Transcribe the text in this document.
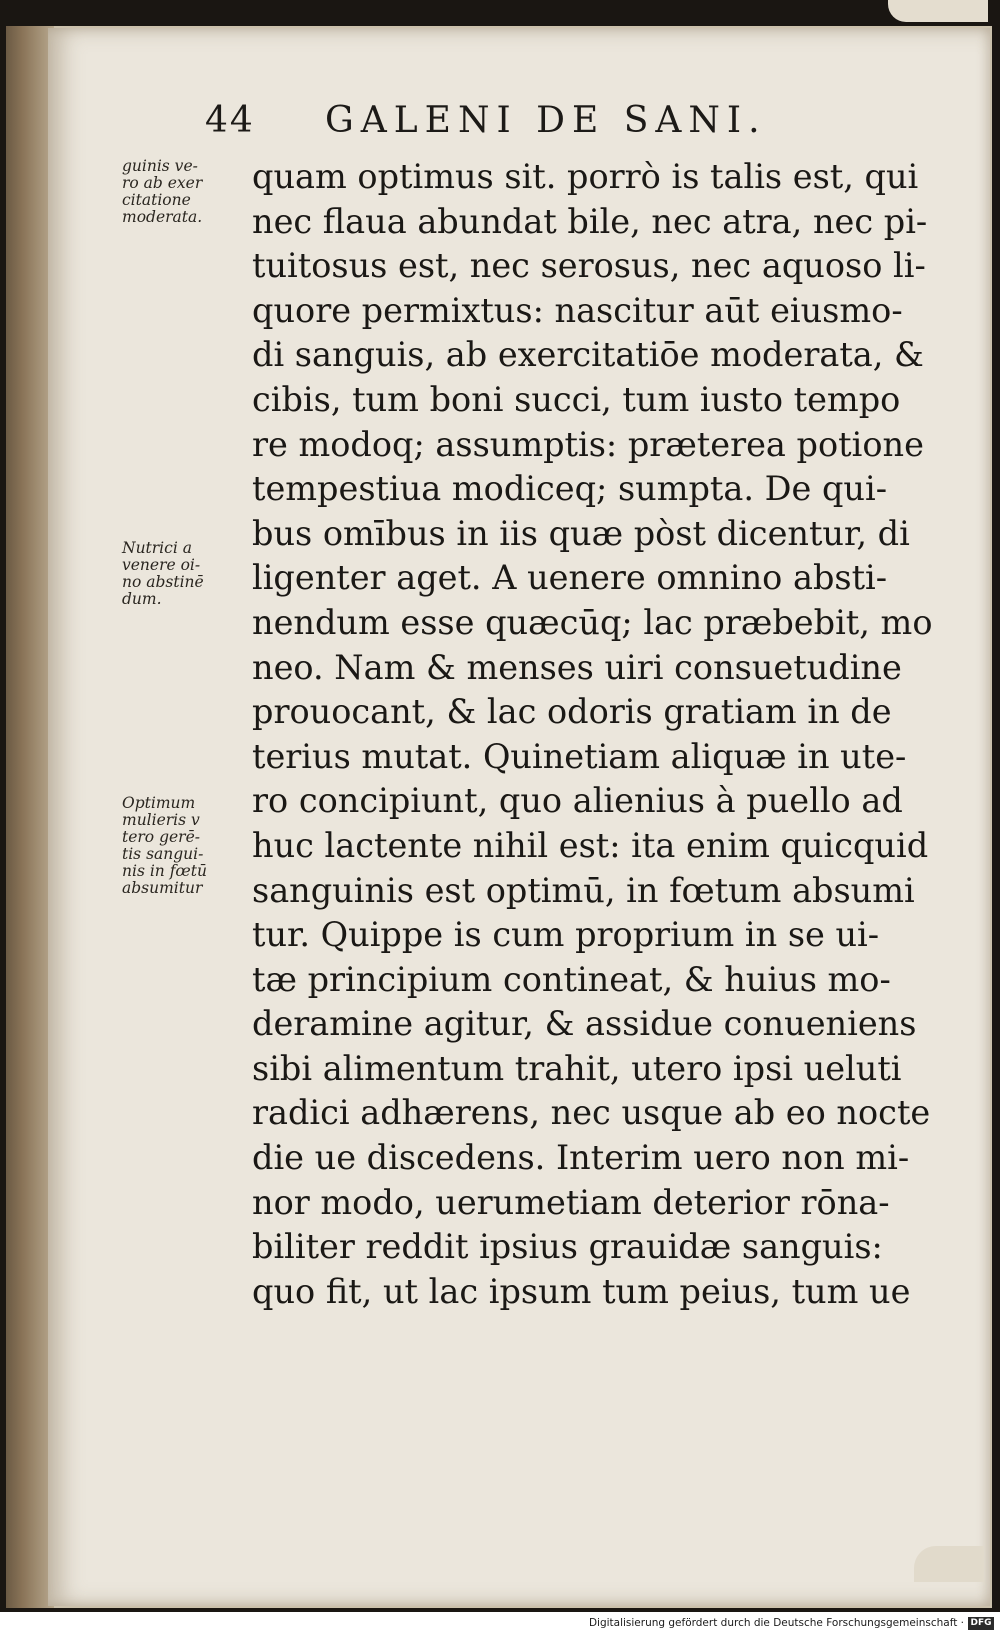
44 GALENI DE SANI.
guinis ve-
ro ab exer
citatione
moderata.
Nutrici a
venere oi-
no abstinē
dum.
Optimum
mulieris v
tero gerē-
tis sangui-
nis in fœtū
absumitur
quam optimus sit. porrò is talis est, qui
nec flaua abundat bile, nec atra, nec pi-
tuitosus est, nec serosus, nec aquoso li-
quore permixtus: nascitur aūt eiusmo-
di sanguis, ab exercitatiōe moderata, &
cibis, tum boni succi, tum iusto tempo
re modoq; assumptis: præterea potione
tempestiua modiceq; sumpta. De qui-
bus omībus in iis quæ pòst dicentur, di
ligenter aget. A uenere omnino absti-
nendum esse quæcūq; lac præbebit, mo
neo. Nam & menses uiri consuetudine
prouocant, & lac odoris gratiam in de
terius mutat. Quinetiam aliquæ in ute-
ro concipiunt, quo alienius à puello ad
huc lactente nihil est: ita enim quicquid
sanguinis est optimū, in fœtum absumi
tur. Quippe is cum proprium in se ui-
tæ principium contineat, & huius mo-
deramine agitur, & assidue conueniens
sibi alimentum trahit, utero ipsi ueluti
radici adhærens, nec usque ab eo nocte
die ue discedens. Interim uero non mi-
nor modo, uerumetiam deterior rōna-
biliter reddit ipsius grauidæ sanguis:
quo fit, ut lac ipsum tum peius, tum ue
Digitalisierung gefördert durch die Deutsche Forschungsgemeinschaft · DFG
